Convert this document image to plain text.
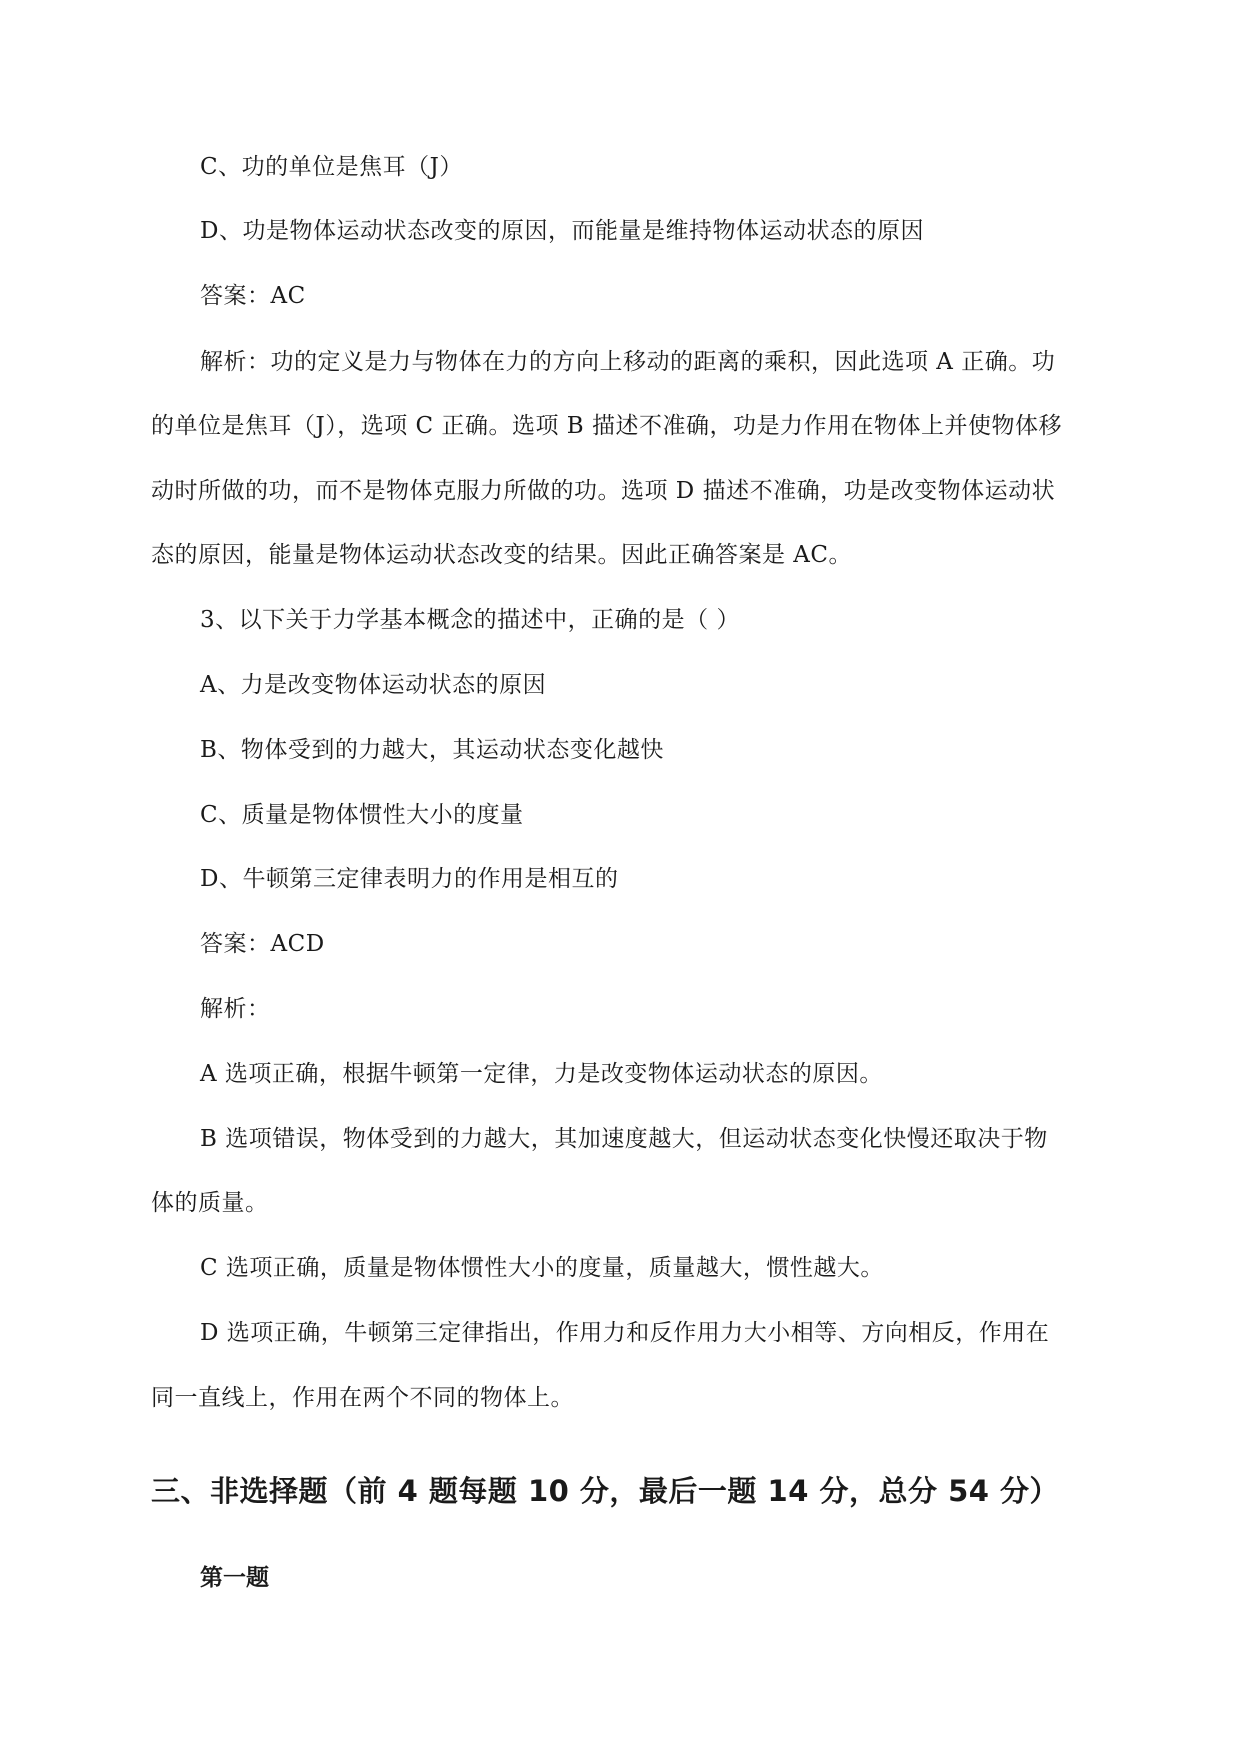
C、功的单位是焦耳（J）
D、功是物体运动状态改变的原因，而能量是维持物体运动状态的原因
答案：AC
解析：功的定义是力与物体在力的方向上移动的距离的乘积，因此选项 A 正确。功
的单位是焦耳（J），选项 C 正确。选项 B 描述不准确，功是力作用在物体上并使物体移
动时所做的功，而不是物体克服力所做的功。选项 D 描述不准确，功是改变物体运动状
态的原因，能量是物体运动状态改变的结果。因此正确答案是 AC。
3、以下关于力学基本概念的描述中，正确的是（ ）
A、力是改变物体运动状态的原因
B、物体受到的力越大，其运动状态变化越快
C、质量是物体惯性大小的度量
D、牛顿第三定律表明力的作用是相互的
答案：ACD
解析：
A 选项正确，根据牛顿第一定律，力是改变物体运动状态的原因。
B 选项错误，物体受到的力越大，其加速度越大，但运动状态变化快慢还取决于物
体的质量。
C 选项正确，质量是物体惯性大小的度量，质量越大，惯性越大。
D 选项正确，牛顿第三定律指出，作用力和反作用力大小相等、方向相反，作用在
同一直线上，作用在两个不同的物体上。
三、非选择题（前 4 题每题 10 分，最后一题 14 分，总分 54 分）
第一题
